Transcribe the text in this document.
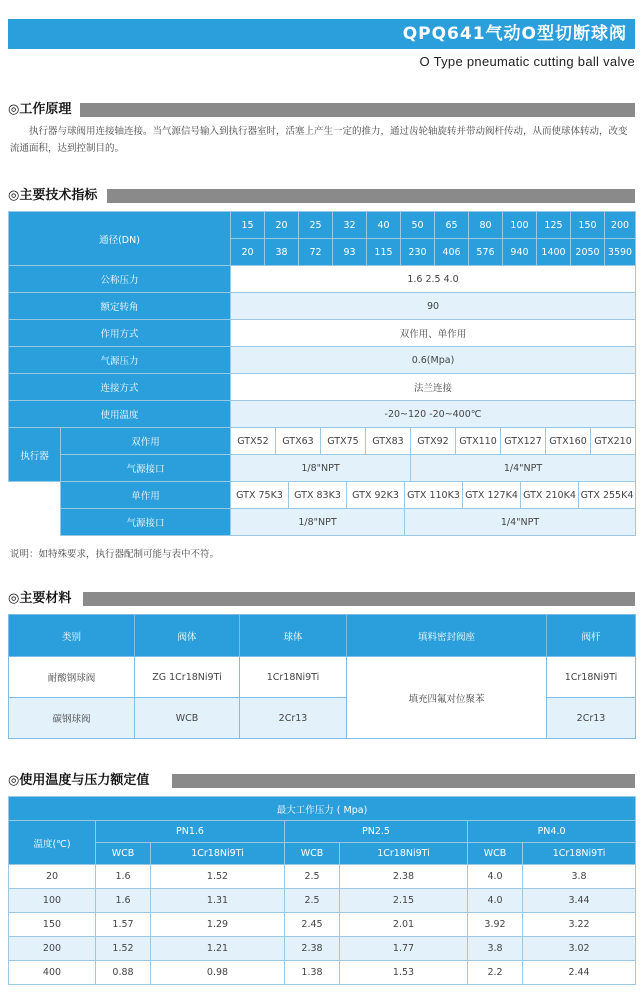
QPQ641气动O型切断球阀
O Type pneumatic cutting ball valve
◎工作原理
执行器与球阀用连接轴连接。当气源信号输入到执行器室时，活塞上产生一定的推力，通过齿轮轴旋转并带动阀杆传动，从而使球体转动，改变流通面积，达到控制目的。
◎主要技术指标
通径(DN)	15	20	25	32	40	50	65	80	100	125	150	200
	20	38	72	93	115	230	406	576	940	1400	2050	3590
公称压力	1.6 2.5 4.0											
额定转角	90											
作用方式	双作用、单作用											
气源压力	0.6(Mpa)											
连接方式	法兰连接											
使用温度	-20~120 -20~400℃											
执行器	双作用	GTX52	GTX63	GTX75	GTX83	GTX92	GTX110	GTX127	GTX160	GTX210
	气源接口	1/8"NPT				1/4"NPT				
单作用	GTX 75K3	GTX 83K3	GTX 92K3	GTX 110K3	GTX 127K4	GTX 210K4	GTX 255K4
气源接口	1/8"NPT			1/4"NPT			
说明：如特殊要求，执行器配制可能与表中不符。
◎主要材料
类别	阀体	球体	填料密封阀座	阀杆
耐酸钢球阀	ZG 1Cr18Ni9Ti	1Cr18Ni9Ti	填充四氟对位聚苯	1Cr18Ni9Ti
碳钢球阀	WCB	2Cr13		2Cr13
◎使用温度与压力额定值
最大工作压力 ( Mpa)						
温度(℃)	PN1.6		PN2.5		PN4.0	
	WCB	1Cr18Ni9Ti	WCB	1Cr18Ni9Ti	WCB	1Cr18Ni9Ti
20	1.6	1.52	2.5	2.38	4.0	3.8
100	1.6	1.31	2.5	2.15	4.0	3.44
150	1.57	1.29	2.45	2.01	3.92	3.22
200	1.52	1.21	2.38	1.77	3.8	3.02
400	0.88	0.98	1.38	1.53	2.2	2.44
